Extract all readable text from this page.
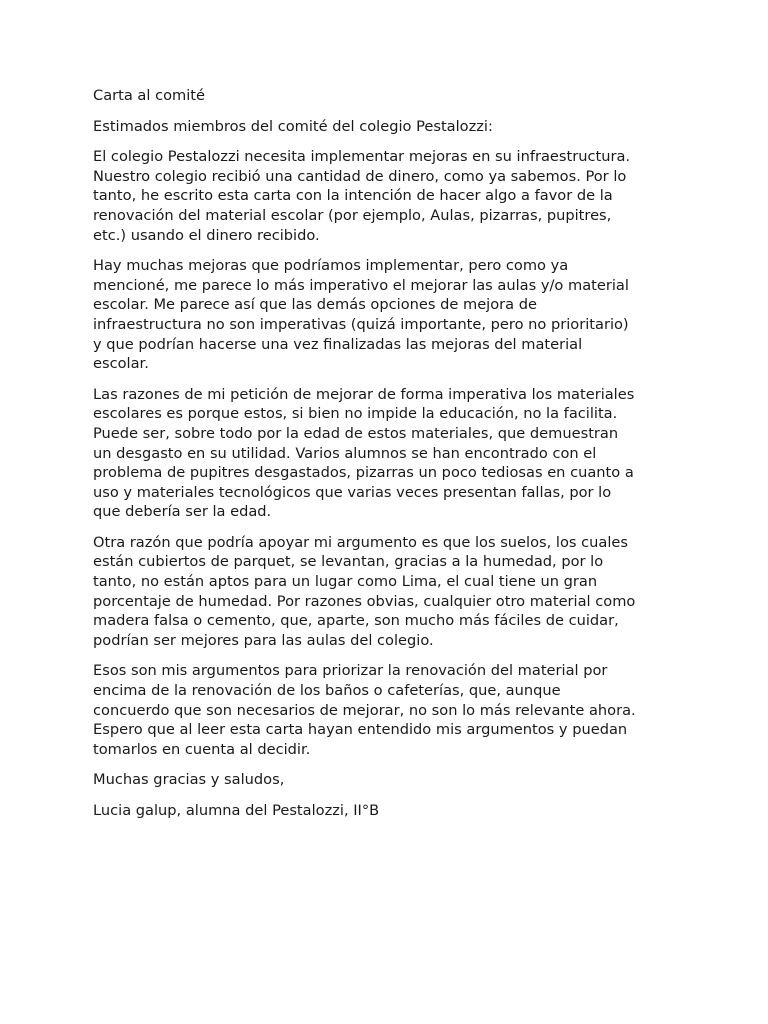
Carta al comité

Estimados miembros del comité del colegio Pestalozzi:

El colegio Pestalozzi necesita implementar mejoras en su infraestructura.
Nuestro colegio recibió una cantidad de dinero, como ya sabemos. Por lo
tanto, he escrito esta carta con la intención de hacer algo a favor de la
renovación del material escolar (por ejemplo, Aulas, pizarras, pupitres,
etc.) usando el dinero recibido.

Hay muchas mejoras que podríamos implementar, pero como ya
mencioné, me parece lo más imperativo el mejorar las aulas y/o material
escolar. Me parece así que las demás opciones de mejora de
infraestructura no son imperativas (quizá importante, pero no prioritario)
y que podrían hacerse una vez finalizadas las mejoras del material
escolar.

Las razones de mi petición de mejorar de forma imperativa los materiales
escolares es porque estos, si bien no impide la educación, no la facilita.
Puede ser, sobre todo por la edad de estos materiales, que demuestran
un desgasto en su utilidad. Varios alumnos se han encontrado con el
problema de pupitres desgastados, pizarras un poco tediosas en cuanto a
uso y materiales tecnológicos que varias veces presentan fallas, por lo
que debería ser la edad.

Otra razón que podría apoyar mi argumento es que los suelos, los cuales
están cubiertos de parquet, se levantan, gracias a la humedad, por lo
tanto, no están aptos para un lugar como Lima, el cual tiene un gran
porcentaje de humedad. Por razones obvias, cualquier otro material como
madera falsa o cemento, que, aparte, son mucho más fáciles de cuidar,
podrían ser mejores para las aulas del colegio.

Esos son mis argumentos para priorizar la renovación del material por
encima de la renovación de los baños o cafeterías, que, aunque
concuerdo que son necesarios de mejorar, no son lo más relevante ahora.
Espero que al leer esta carta hayan entendido mis argumentos y puedan
tomarlos en cuenta al decidir.

Muchas gracias y saludos,

Lucia galup, alumna del Pestalozzi, II°B
